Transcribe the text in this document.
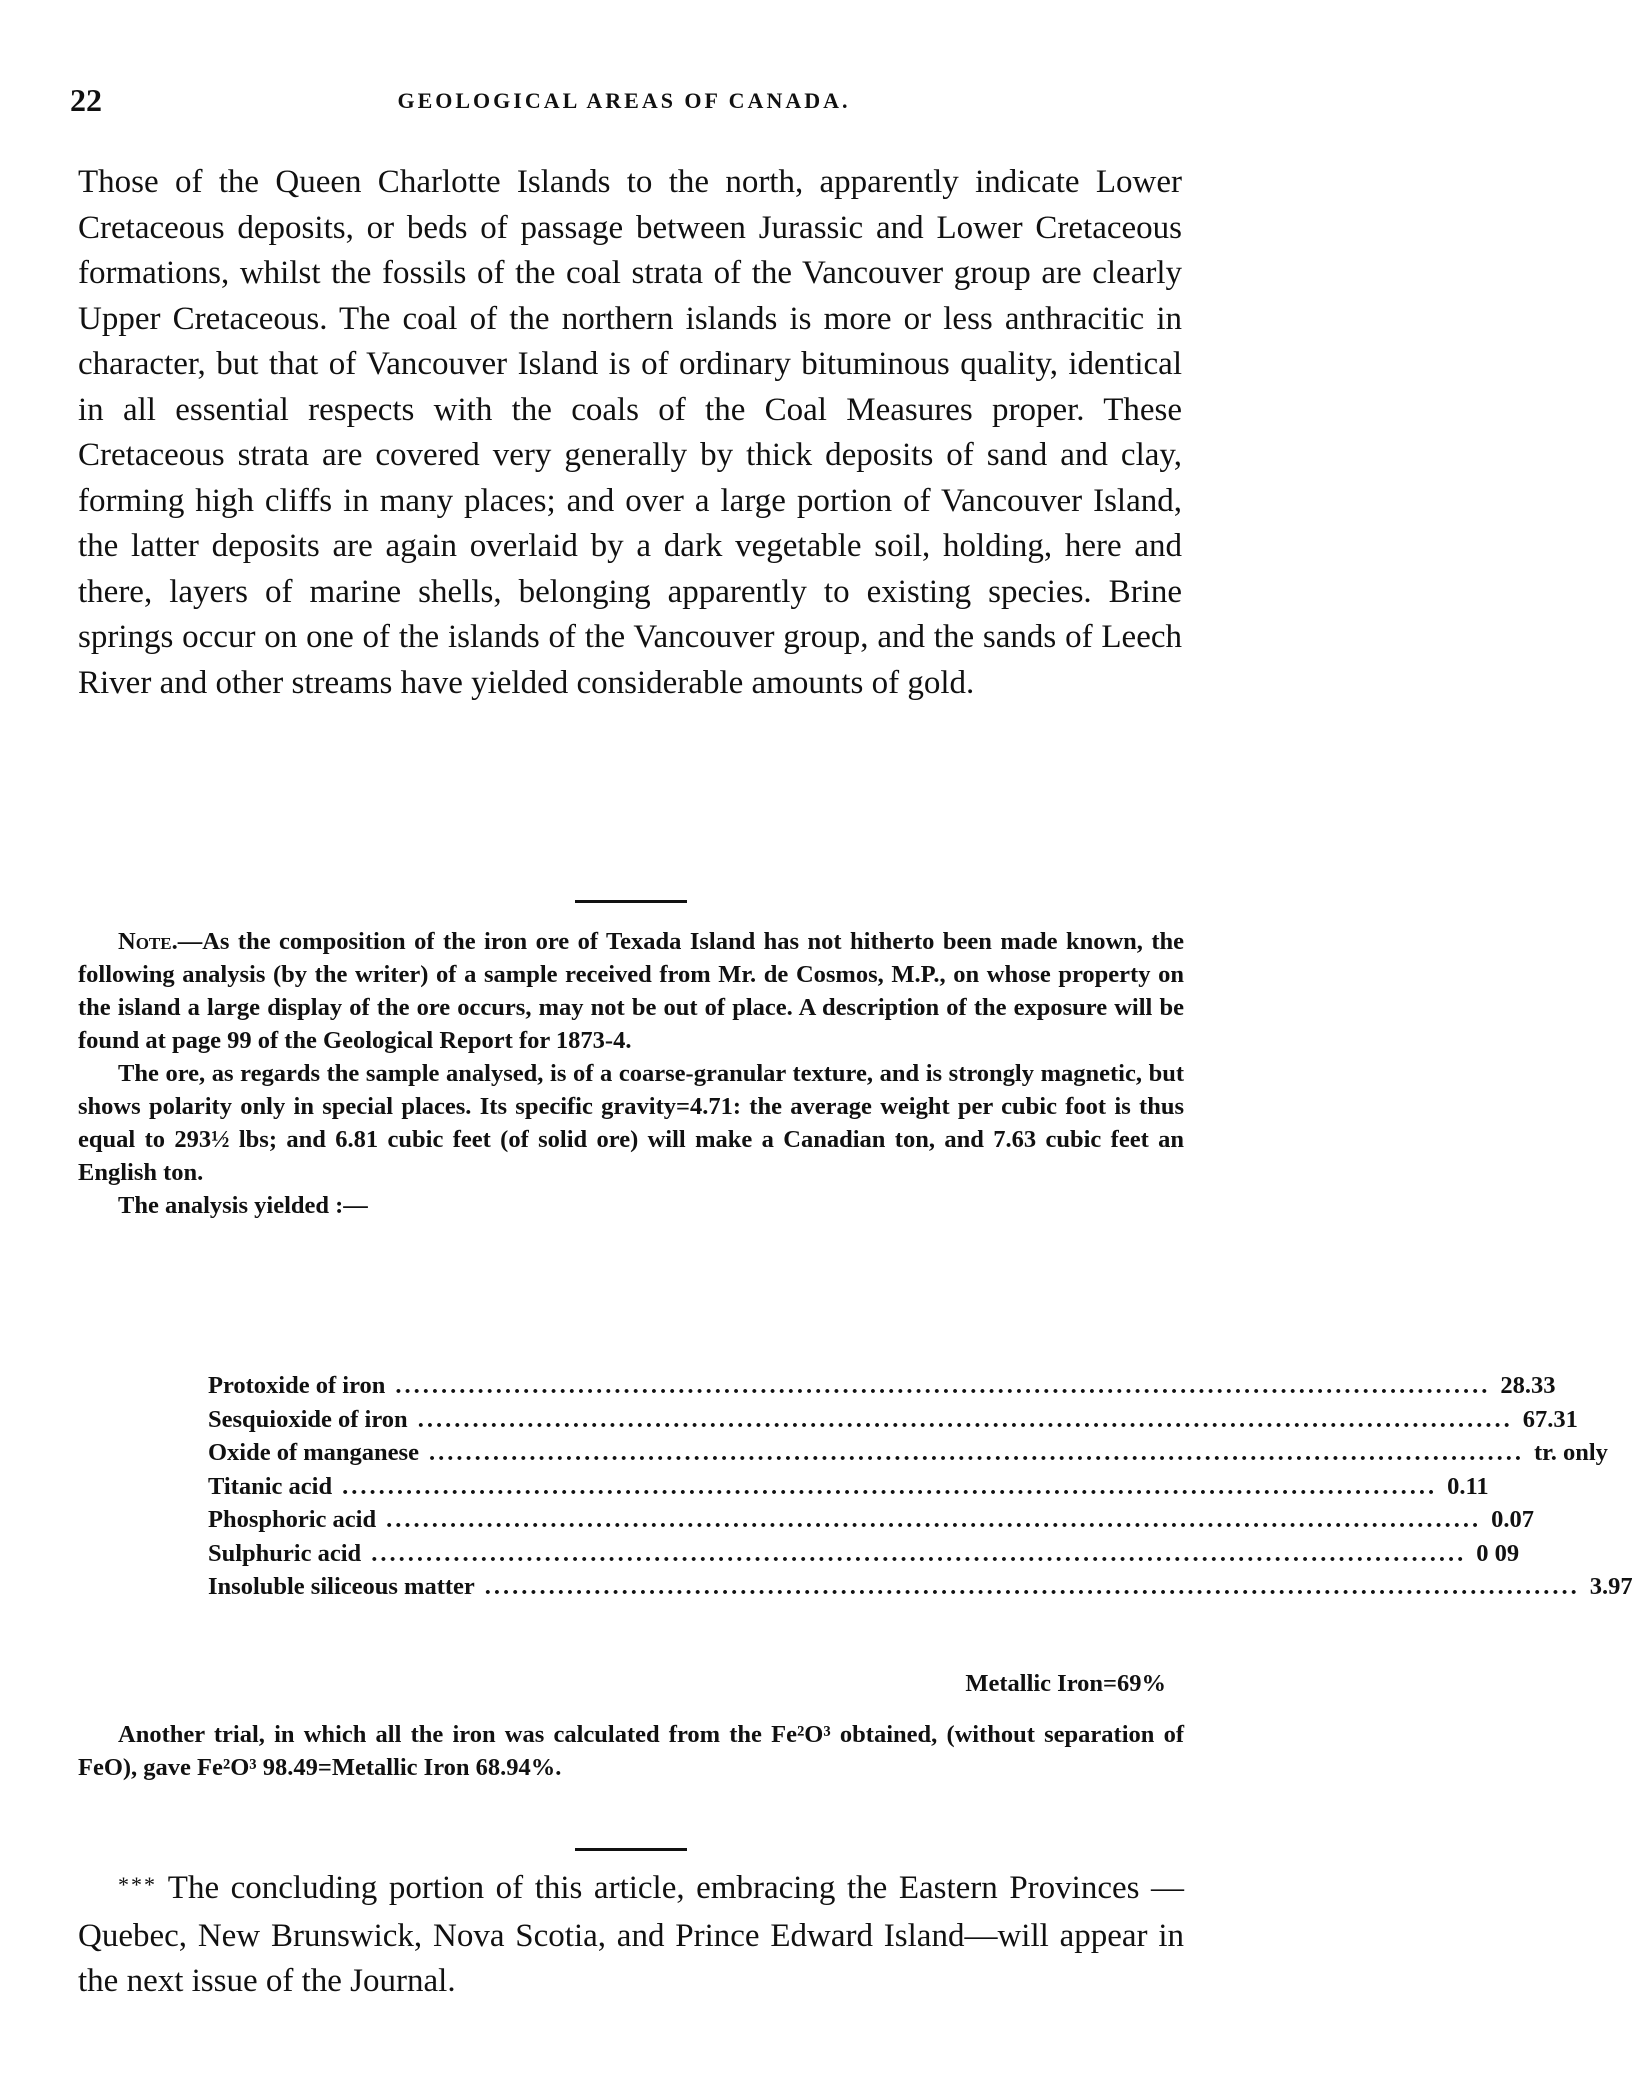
22	GEOLOGICAL AREAS OF CANADA.
Those of the Queen Charlotte Islands to the north, apparently indicate Lower Cretaceous deposits, or beds of passage between Jurassic and Lower Cretaceous formations, whilst the fossils of the coal strata of the Vancouver group are clearly Upper Cretaceous. The coal of the northern islands is more or less anthracitic in character, but that of Vancouver Island is of ordinary bituminous quality, identical in all essential respects with the coals of the Coal Measures proper. These Cretaceous strata are covered very generally by thick deposits of sand and clay, forming high cliffs in many places; and over a large portion of Vancouver Island, the latter deposits are again overlaid by a dark vegetable soil, holding, here and there, layers of marine shells, belonging apparently to existing species. Brine springs occur on one of the islands of the Vancouver group, and the sands of Leech River and other streams have yielded considerable amounts of gold.

Note.—As the composition of the iron ore of Texada Island has not hitherto been made known, the following analysis (by the writer) of a sample received from Mr. de Cosmos, M.P., on whose property on the island a large display of the ore occurs, may not be out of place. A description of the exposure will be found at page 99 of the Geological Report for 1873-4.

The ore, as regards the sample analysed, is of a coarse-granular texture, and is strongly magnetic, but shows polarity only in special places. Its specific gravity=4.71: the average weight per cubic foot is thus equal to 293½ lbs; and 6.81 cubic feet (of solid ore) will make a Canadian ton, and 7.63 cubic feet an English ton.

The analysis yielded :—

Protoxide of iron ........................................................................................................................ 28.33
Sesquioxide of iron ........................................................................................................................ 67.31
Oxide of manganese ........................................................................................................................ tr. only
Titanic acid ........................................................................................................................ 0.11
Phosphoric acid ........................................................................................................................ 0.07
Sulphuric acid ........................................................................................................................ 0 09
Insoluble siliceous matter ........................................................................................................................ 3.97
Metallic Iron=69%

Another trial, in which all the iron was calculated from the Fe²O³ obtained, (without separation of FeO), gave Fe²O³ 98.49=Metallic Iron 68.94%.

*** The concluding portion of this article, embracing the Eastern Provinces — Quebec, New Brunswick, Nova Scotia, and Prince Edward Island—will appear in the next issue of the Journal.
